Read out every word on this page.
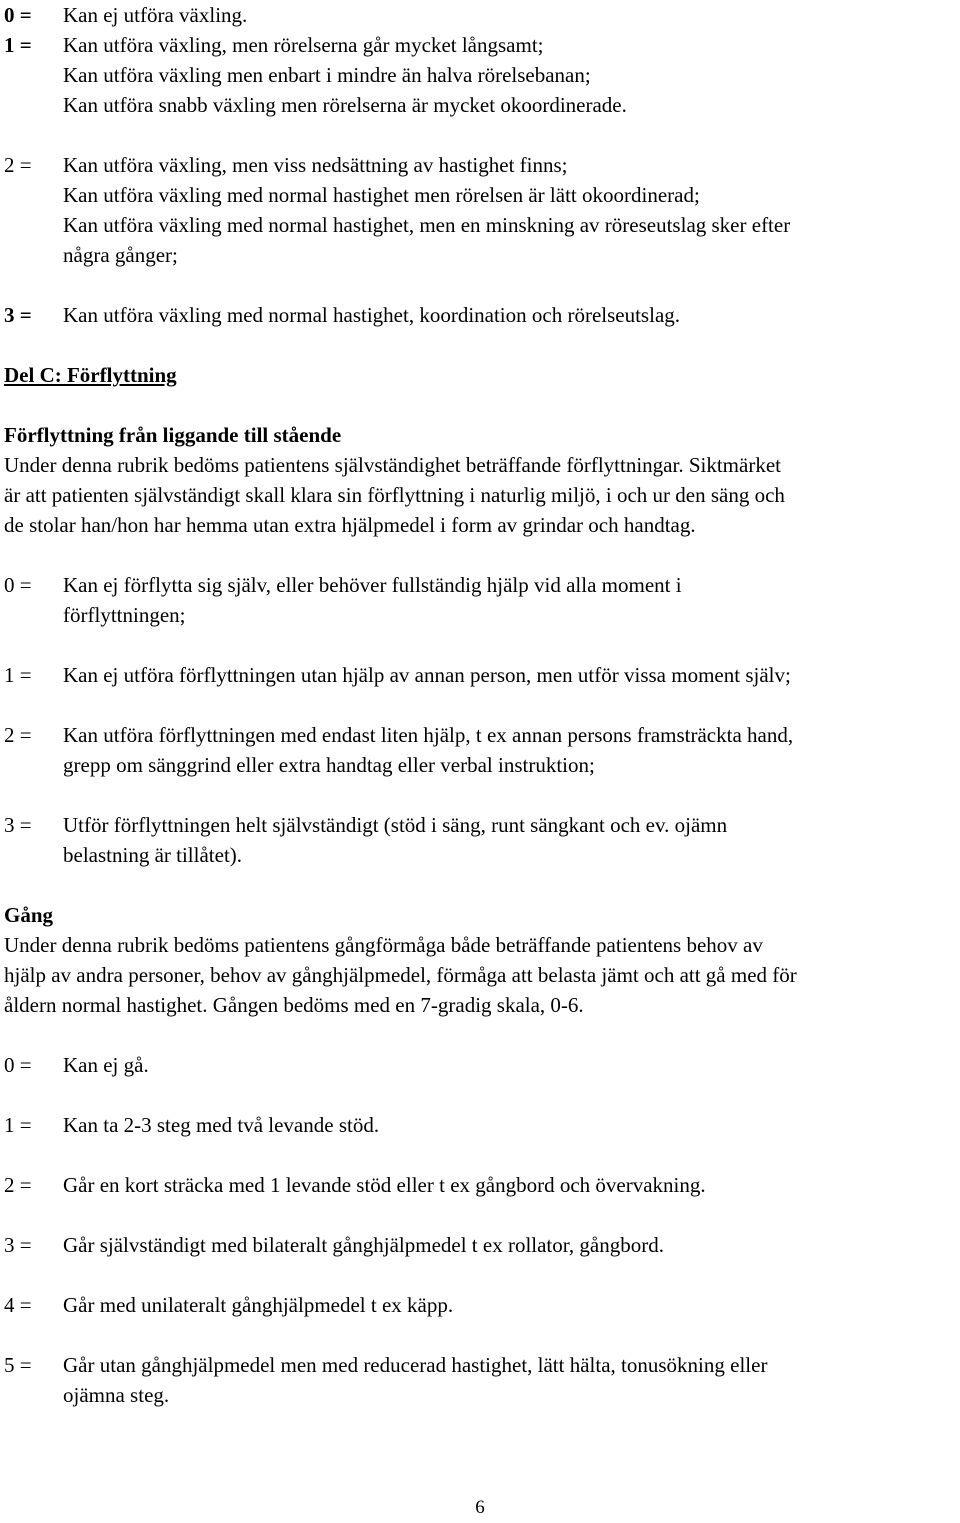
0 =	Kan ej utföra växling.
1 =	Kan utföra växling, men rörelserna går mycket långsamt;
Kan utföra växling men enbart i mindre än halva rörelsebanan;
Kan utföra snabb växling men rörelserna är mycket okoordinerade.
2 =	Kan utföra växling, men viss nedsättning av hastighet finns;
Kan utföra växling med normal hastighet men rörelsen är lätt okoordinerad;
Kan utföra växling med normal hastighet, men en minskning av röreseutslag sker efter
några gånger;
3 =	Kan utföra växling med normal hastighet, koordination och rörelseutslag.
Del C: Förflyttning
Förflyttning från liggande till stående
Under denna rubrik bedöms patientens självständighet beträffande förflyttningar. Siktmärket
är att patienten självständigt skall klara sin förflyttning i naturlig miljö, i och ur den säng och
de stolar han/hon har hemma utan extra hjälpmedel i form av grindar och handtag.
0 =	Kan ej förflytta sig själv, eller behöver fullständig hjälp vid alla moment i
förflyttningen;
1 =	Kan ej utföra förflyttningen utan hjälp av annan person, men utför vissa moment själv;
2 =	Kan utföra förflyttningen med endast liten hjälp, t ex annan persons framsträckta hand,
grepp om sänggrind eller extra handtag eller verbal instruktion;
3 =	Utför förflyttningen helt självständigt (stöd i säng, runt sängkant och ev. ojämn
belastning är tillåtet).
Gång
Under denna rubrik bedöms patientens gångförmåga både beträffande patientens behov av
hjälp av andra personer, behov av gånghjälpmedel, förmåga att belasta jämt och att gå med för
åldern normal hastighet. Gången bedöms med en 7-gradig skala, 0-6.
0 =	Kan ej gå.
1 =	Kan ta 2-3 steg med två levande stöd.
2 =	Går en kort sträcka med 1 levande stöd eller t ex gångbord och övervakning.
3 =	Går självständigt med bilateralt gånghjälpmedel t ex rollator, gångbord.
4 =	Går med unilateralt gånghjälpmedel t ex käpp.
5 =	Går utan gånghjälpmedel men med reducerad hastighet, lätt hälta, tonusökning eller
ojämna steg.
6
